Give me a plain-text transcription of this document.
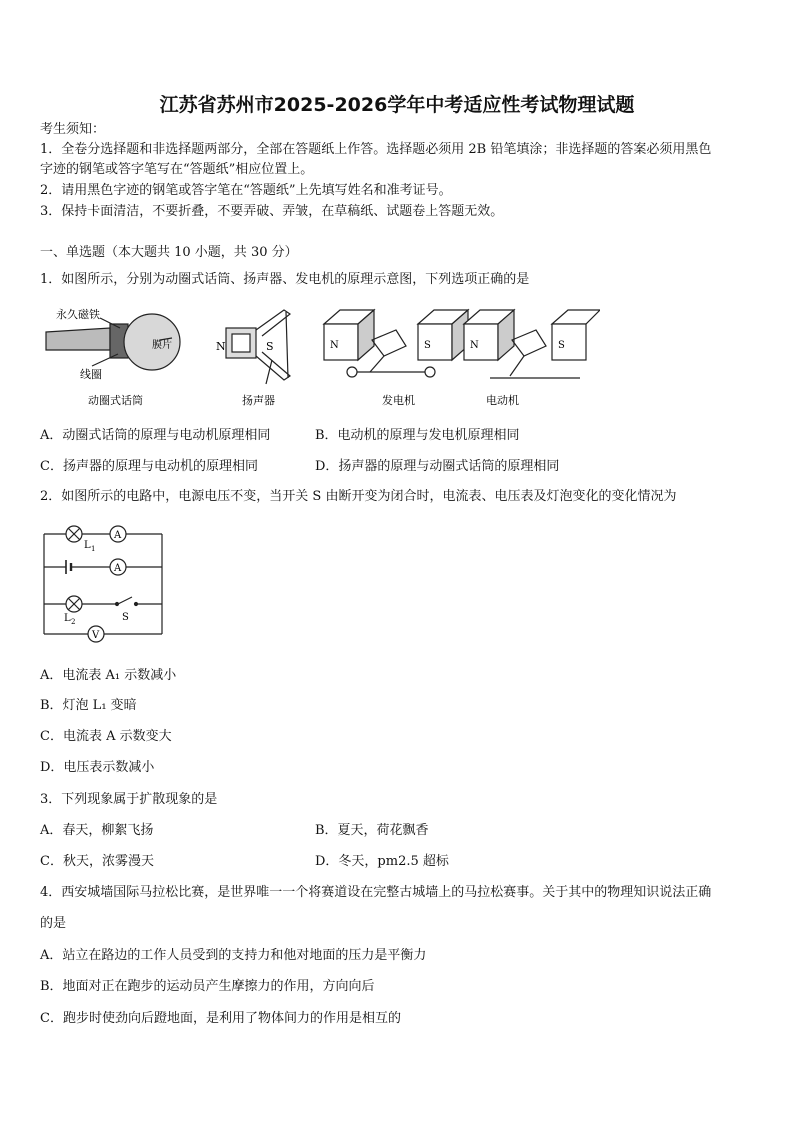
江苏省苏州市2025-2026学年中考适应性考试物理试题
考生须知：
1．全卷分选择题和非选择题两部分，全部在答题纸上作答。选择题必须用 2B 铅笔填涂；非选择题的答案必须用黑色
字迹的钢笔或答字笔写在“答题纸”相应位置上。
2．请用黑色字迹的钢笔或答字笔在“答题纸”上先填写姓名和准考证号。
3．保持卡面清洁，不要折叠，不要弄破、弄皱，在草稿纸、试题卷上答题无效。
一、单选题（本大题共 10 小题，共 30 分）
1．如图所示，分别为动圈式话筒、扬声器、发电机的原理示意图，下列选项正确的是
永久磁铁
线圈
膜片
动圈式话筒
N	S
扬声器
N	S
发电机
N	S
电动机
A．动圈式话筒的原理与电动机原理相同	B．电动机的原理与发电机原理相同
C．扬声器的原理与电动机的原理相同	D．扬声器的原理与动圈式话筒的原理相同
2．如图所示的电路中，电源电压不变，当开关 S 由断开变为闭合时，电流表、电压表及灯泡变化的变化情况为
L 1
A
A
L 2	S
V
A．电流表 A₁ 示数减小
B．灯泡 L₁ 变暗
C．电流表 A 示数变大
D．电压表示数减小
3．下列现象属于扩散现象的是
A．春天，柳絮飞扬	B．夏天，荷花飘香
C．秋天，浓雾漫天	D．冬天，pm2.5 超标
4．西安城墙国际马拉松比赛，是世界唯一一个将赛道设在完整古城墙上的马拉松赛事。关于其中的物理知识说法正确
的是
A．站立在路边的工作人员受到的支持力和他对地面的压力是平衡力
B．地面对正在跑步的运动员产生摩擦力的作用，方向向后
C．跑步时使劲向后蹬地面，是利用了物体间力的作用是相互的
